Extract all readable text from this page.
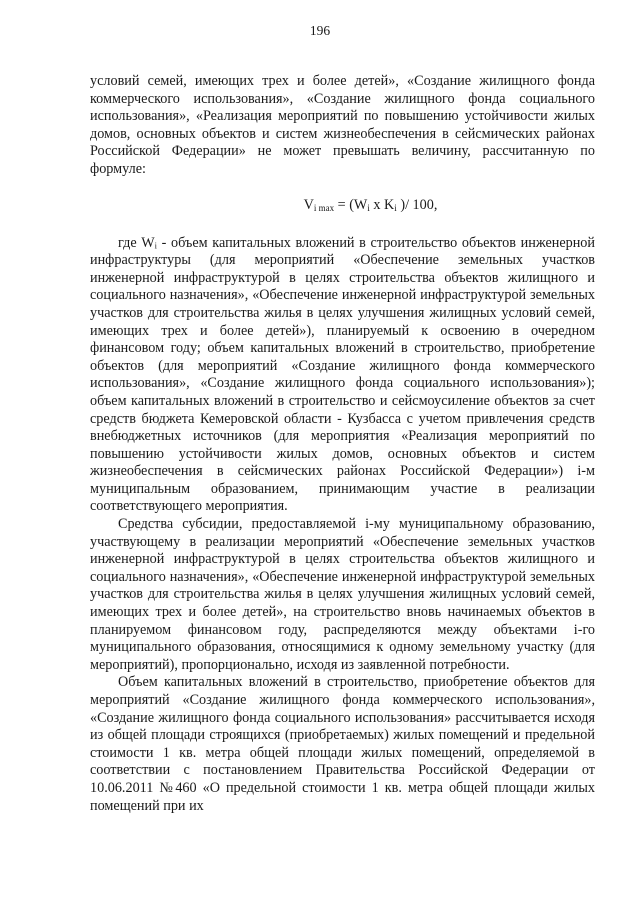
196

условий семей, имеющих трех и более детей», «Создание жилищного фонда коммерческого использования», «Создание жилищного фонда социального использования», «Реализация мероприятий по повышению устойчивости жилых домов, основных объектов и систем жизнеобеспечения в сейсмических районах Российской Федерации» не может превышать величину, рассчитанную по формуле:

$V_{i max} = (W_i$ x $K_i$ )/ 100,

где Wᵢ - объем капитальных вложений в строительство объектов инженерной инфраструктуры (для мероприятий «Обеспечение земельных участков инженерной инфраструктурой в целях строительства объектов жилищного и социального назначения», «Обеспечение инженерной инфраструктурой земельных участков для строительства жилья в целях улучшения жилищных условий семей, имеющих трех и более детей»), планируемый к освоению в очередном финансовом году; объем капитальных вложений в строительство, приобретение объектов (для мероприятий «Создание жилищного фонда коммерческого использования», «Создание жилищного фонда социального использования»); объем капитальных вложений в строительство и сейсмоусиление объектов за счет средств бюджета Кемеровской области - Кузбасса с учетом привлечения средств внебюджетных источников (для мероприятия «Реализация мероприятий по повышению устойчивости жилых домов, основных объектов и систем жизнеобеспечения в сейсмических районах Российской Федерации») i-м муниципальным образованием, принимающим участие в реализации соответствующего мероприятия.

Средства субсидии, предоставляемой i-му муниципальному образованию, участвующему в реализации мероприятий «Обеспечение земельных участков инженерной инфраструктурой в целях строительства объектов жилищного и социального назначения», «Обеспечение инженерной инфраструктурой земельных участков для строительства жилья в целях улучшения жилищных условий семей, имеющих трех и более детей», на строительство вновь начинаемых объектов в планируемом финансовом году, распределяются между объектами i-го муниципального образования, относящимися к одному земельному участку (для мероприятий), пропорционально, исходя из заявленной потребности.

Объем капитальных вложений в строительство, приобретение объектов для мероприятий «Создание жилищного фонда коммерческого использования», «Создание жилищного фонда социального использования» рассчитывается исходя из общей площади строящихся (приобретаемых) жилых помещений и предельной стоимости 1 кв. метра общей площади жилых помещений, определяемой в соответствии с постановлением Правительства Российской Федерации от 10.06.2011 №460 «О предельной стоимости 1 кв. метра общей площади жилых помещений при их
